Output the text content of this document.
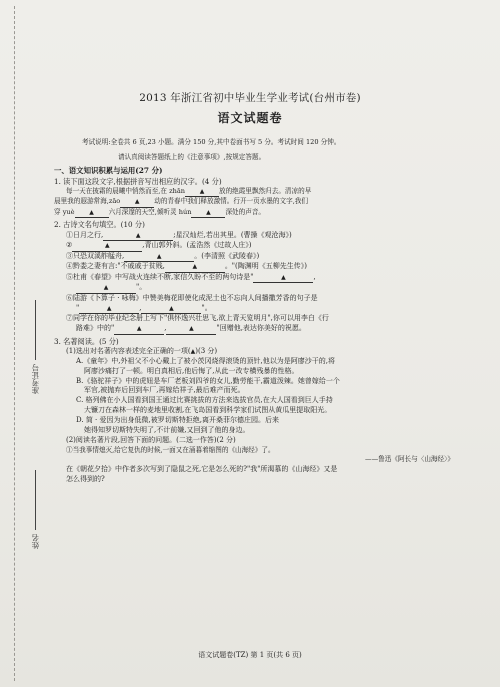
准考证号
姓名
2013 年浙江省初中毕业生学业考试(台州市卷)
语文试题卷
考试说明:全卷共 6 页,23 小题。满分 150 分,其中卷面书写 5 分。考试时间 120 分钟。
请认真阅读答题纸上的《注意事项》,按规定答题。

一、语文知识积累与运用(27 分)

1. 读下面这段文字,根据拼音写出相应的汉字。(4 分)

每一天在披霜的晨曦中悄然而至,在 zhān ▲ 放的绝霞里飘然归去。清凉的早

晨里我的遐游常海,zāo ▲ 动的青春中我们释放激情。行开一页水墨的文字,我们

穿 yuè ▲ 六月深邃的天空,倾听灵 hún ▲ 深处的声音。

2. 古诗文名句填空。(10 分)

①日月之行,	▲	;星汉灿烂,若出其里。(曹操《观沧海》)

②	▲	,青山郭外斜。(孟浩然《过故人庄》)

③只恐双溪舴艋舟,	▲	。(李清照《武陵春》)

④黔娄之妻有言:"不戚戚于贫贱,	▲	。"(陶渊明《五柳先生传》)

⑤杜甫《春望》中写战火连续不断,家信久盼不至的两句诗是"	▲	,

▲	"。

⑥陆游《卜算子 · 咏梅》中赞美梅花即使化成泥土也不忘向人间播撒芳香的句子是

"	▲	,	▲	"。

⑦同学在你的毕业纪念册上写下"俱怀逸兴壮思飞,欲上青天览明月",你可以用李白《行

路难》中的"	▲	,	▲	"回赠他,表达你美好的祝愿。

3. 名著阅读。(5 分)

(1)选出对名著内容表述完全正确的一项(▲)(3 分)

A.《童年》中,外祖父不小心戴上了被小茨冈烧得滚烫的顶针,他以为是阿廖沙干的,将

阿廖沙痛打了一顿。明白真相后,他后悔了,从此一改专横残暴的性格。

B.《骆驼祥子》中的虎妞是车厂老板刘四爷的女儿,勤劳能干,霸道泼辣。她曾嫁给一个

军官,被抛弃后回到车厂,再嫁给祥子,最后难产而死。

C. 格列佛在小人国看到国王通过比赛挑拔的方法来选拔官员,在大人国看到巨人手持

大镰刀在森林一样的麦地里收割,在飞岛国看到科学家们试图从黄瓜里提取阳光。

D. 简 · 爱因为出身低微,被罗切斯特拒绝,离开桑菲尔德庄园。后来

她得知罗切斯特失明了,不计前嫌,又回到了他的身边。

(2)阅读名著片段,回答下面的问题。(二选一作答)(2 分)

①当我事情熄灭,给它复仇的时候,一面又在涌暮着缩图的《山海经》了。

——鲁迅《阿长与〈山海经〉》

在《朝花夕拾》中作者多次写到了隐鼠之死,它是怎么死的?"我"所渴慕的《山海经》又是

怎么得到的?

语文试题卷(TZ) 第 1 页(共 6 页)
